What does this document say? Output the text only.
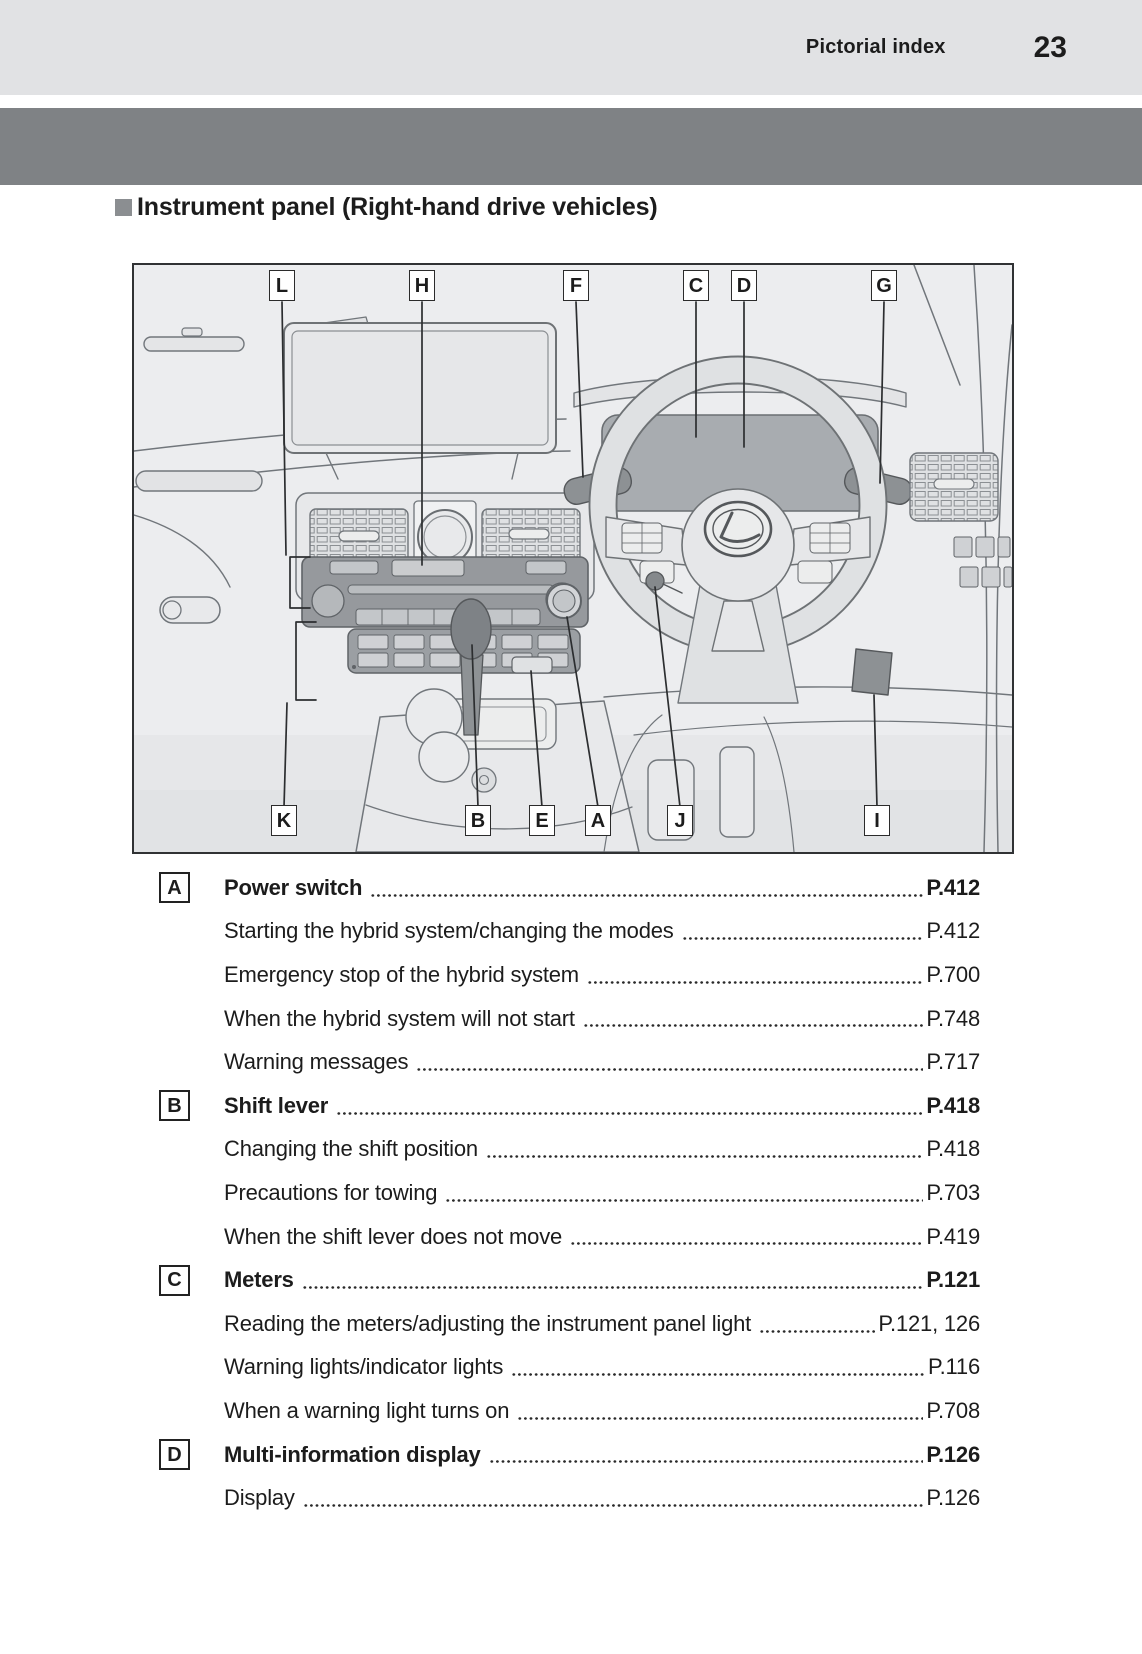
Pictorial index	23
Instrument panel (Right-hand drive vehicles)
L	H	F	C D	G
K	B	E	A	J	I
A	Power switch	P.412
Starting the hybrid system/changing the modes	P.412
Emergency stop of the hybrid system	P.700
When the hybrid system will not start	P.748
Warning messages	P.717
B	Shift lever	P.418
Changing the shift position	P.418
Precautions for towing	P.703
When the shift lever does not move	P.419
C	Meters	P.121
Reading the meters/adjusting the instrument panel light	P.121, 126
Warning lights/indicator lights	P.116
When a warning light turns on	P.708
D	Multi-information display	P.126
Display	P.126
